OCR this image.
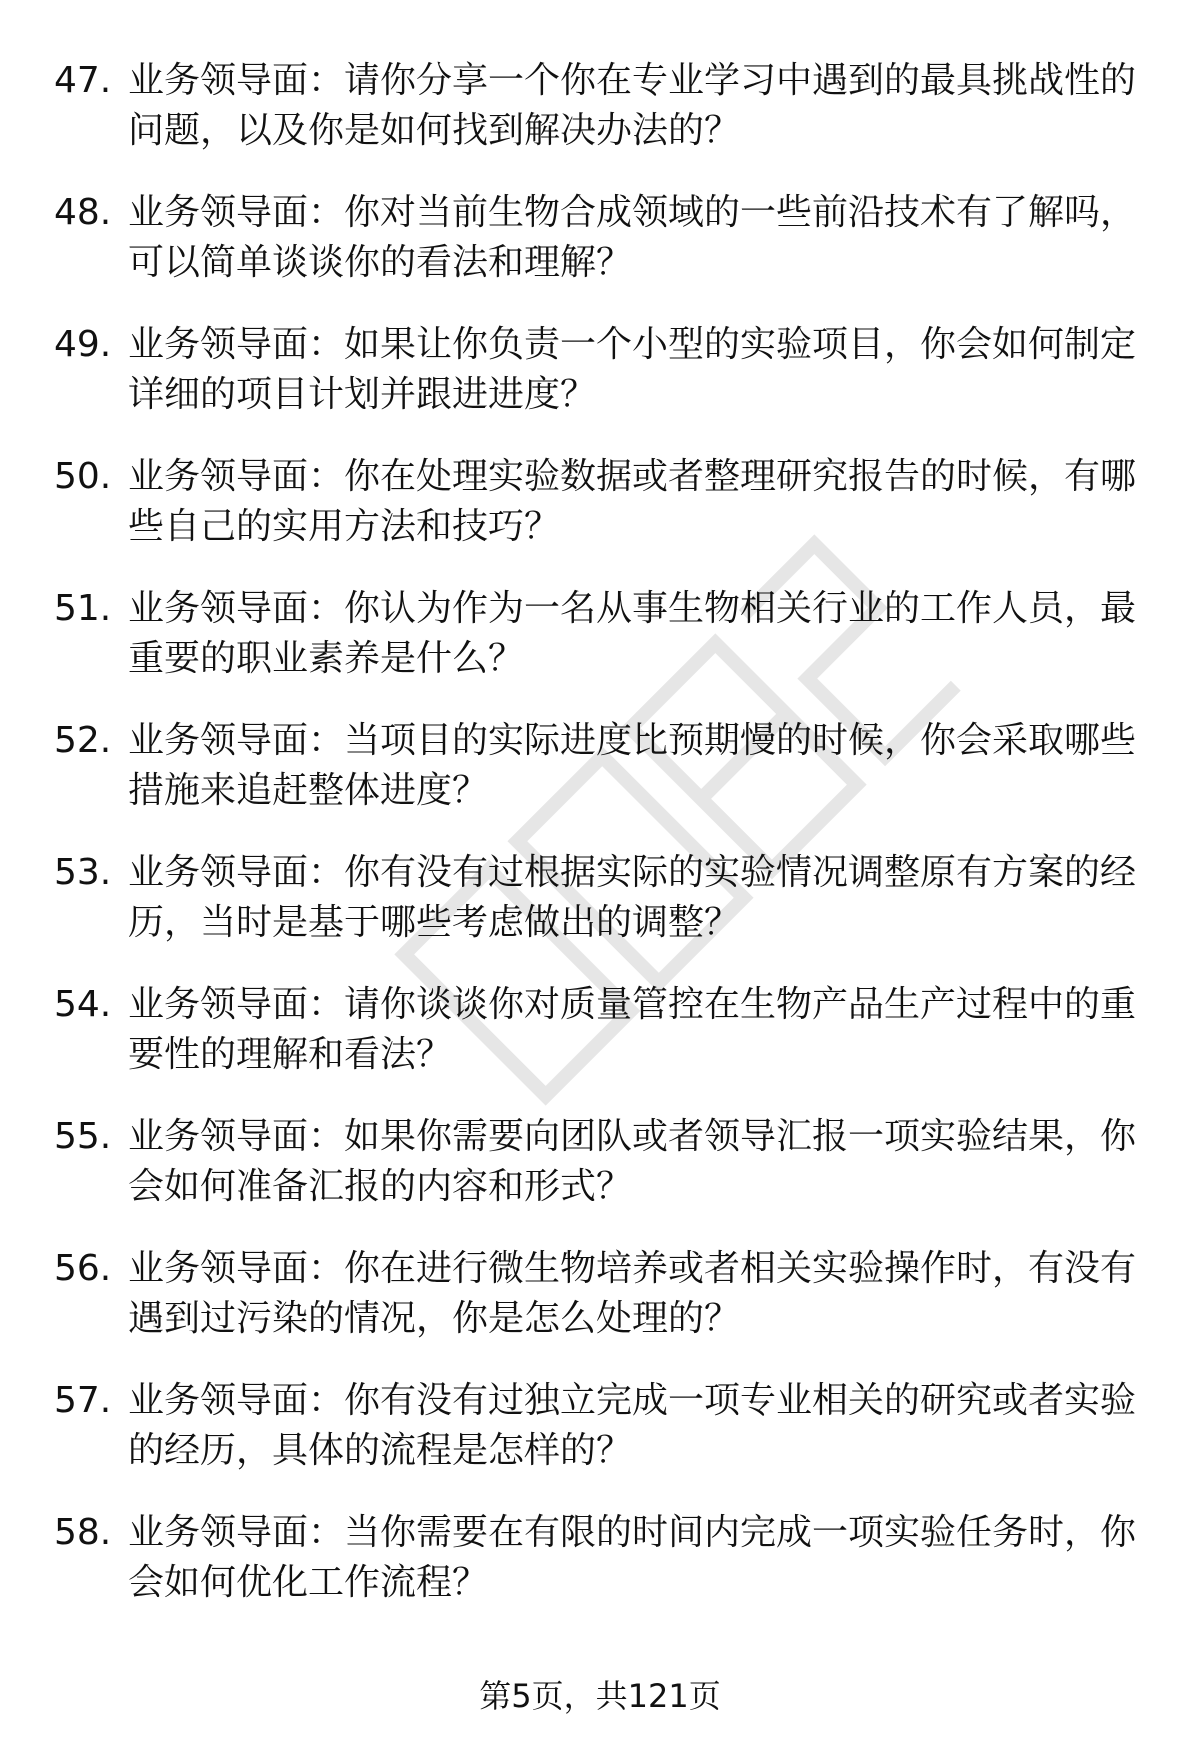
47. 业务领导面：请你分享一个你在专业学习中遇到的最具挑战性的问题，以及你是如何找到解决办法的？

48. 业务领导面：你对当前生物合成领域的一些前沿技术有了解吗，可以简单谈谈你的看法和理解？

49. 业务领导面：如果让你负责一个小型的实验项目，你会如何制定详细的项目计划并跟进进度？

50. 业务领导面：你在处理实验数据或者整理研究报告的时候，有哪些自己的实用方法和技巧？

51. 业务领导面：你认为作为一名从事生物相关行业的工作人员，最重要的职业素养是什么？

52. 业务领导面：当项目的实际进度比预期慢的时候，你会采取哪些措施来追赶整体进度？

53. 业务领导面：你有没有过根据实际的实验情况调整原有方案的经历，当时是基于哪些考虑做出的调整？

54. 业务领导面：请你谈谈你对质量管控在生物产品生产过程中的重要性的理解和看法？

55. 业务领导面：如果你需要向团队或者领导汇报一项实验结果，你会如何准备汇报的内容和形式？

56. 业务领导面：你在进行微生物培养或者相关实验操作时，有没有遇到过污染的情况，你是怎么处理的？

57. 业务领导面：你有没有过独立完成一项专业相关的研究或者实验的经历，具体的流程是怎样的？

58. 业务领导面：当你需要在有限的时间内完成一项实验任务时，你会如何优化工作流程？

第5页，共121页
